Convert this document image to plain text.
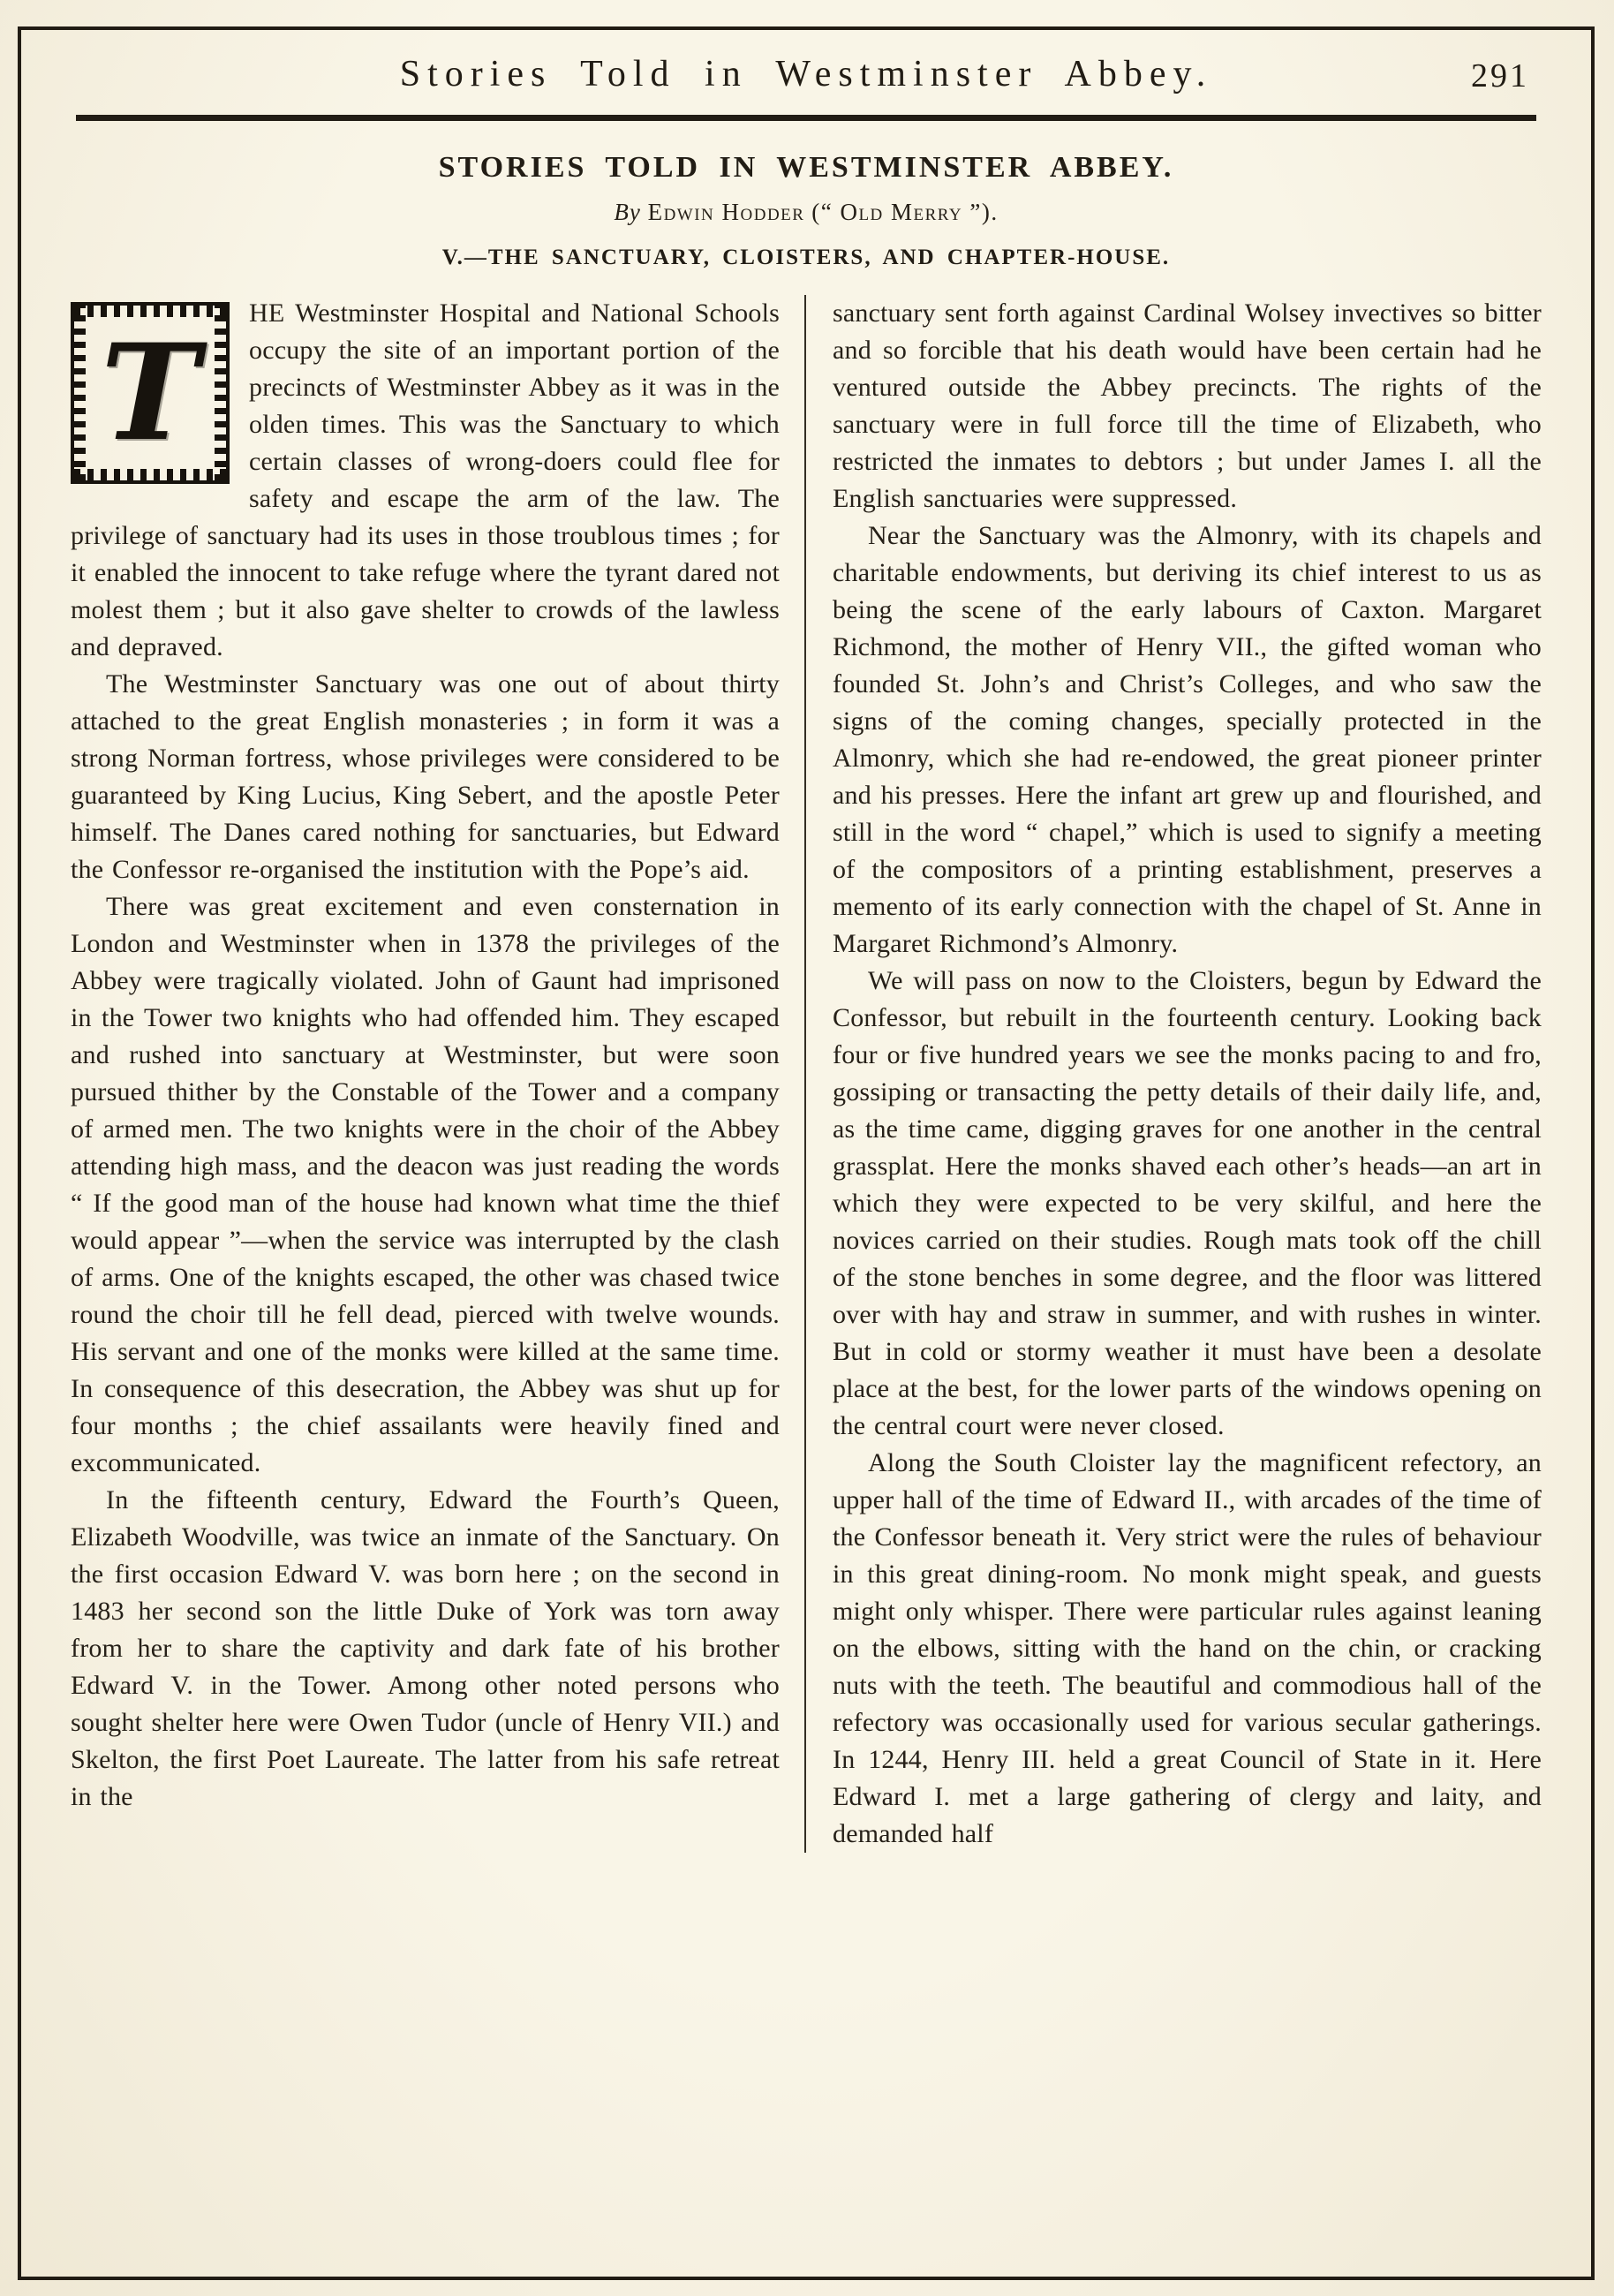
Stories Told in Westminster Abbey.	291
STORIES TOLD IN WESTMINSTER ABBEY.
By Edwin Hodder (“ Old Merry ”).
V.—THE SANCTUARY, CLOISTERS, AND CHAPTER-HOUSE.

T
HE Westminster Hospital and National Schools occupy the site of an important portion of the precincts of Westminster Abbey as it was in the olden times. This was the Sanctuary to which certain classes of wrong-doers could flee for safety and escape the arm of the law. The privilege of sanctuary had its uses in those troublous times ; for it enabled the innocent to take refuge where the tyrant dared not molest them ; but it also gave shelter to crowds of the lawless and depraved.

The Westminster Sanctuary was one out of about thirty attached to the great English monasteries ; in form it was a strong Norman fortress, whose privileges were considered to be guaranteed by King Lucius, King Sebert, and the apostle Peter himself. The Danes cared nothing for sanctuaries, but Edward the Confessor re-organised the institution with the Pope’s aid.

There was great excitement and even consternation in London and Westminster when in 1378 the privileges of the Abbey were tragically violated. John of Gaunt had imprisoned in the Tower two knights who had offended him. They escaped and rushed into sanctuary at Westminster, but were soon pursued thither by the Constable of the Tower and a company of armed men. The two knights were in the choir of the Abbey attending high mass, and the deacon was just reading the words “ If the good man of the house had known what time the thief would appear ”—when the service was interrupted by the clash of arms. One of the knights escaped, the other was chased twice round the choir till he fell dead, pierced with twelve wounds. His servant and one of the monks were killed at the same time. In consequence of this desecration, the Abbey was shut up for four months ; the chief assailants were heavily fined and excommunicated.

In the fifteenth century, Edward the Fourth’s Queen, Elizabeth Woodville, was twice an inmate of the Sanctuary. On the first occasion Edward V. was born here ; on the second in 1483 her second son the little Duke of York was torn away from her to share the captivity and dark fate of his brother Edward V. in the Tower. Among other noted persons who sought shelter here were Owen Tudor (uncle of Henry VII.) and Skelton, the first Poet Laureate. The latter from his safe retreat in the

sanctuary sent forth against Cardinal Wolsey invectives so bitter and so forcible that his death would have been certain had he ventured outside the Abbey precincts. The rights of the sanctuary were in full force till the time of Elizabeth, who restricted the inmates to debtors ; but under James I. all the English sanctuaries were suppressed.

Near the Sanctuary was the Almonry, with its chapels and charitable endowments, but deriving its chief interest to us as being the scene of the early labours of Caxton. Margaret Richmond, the mother of Henry VII., the gifted woman who founded St. John’s and Christ’s Colleges, and who saw the signs of the coming changes, specially protected in the Almonry, which she had re-endowed, the great pioneer printer and his presses. Here the infant art grew up and flourished, and still in the word “ chapel,” which is used to signify a meeting of the compositors of a printing establishment, preserves a memento of its early connection with the chapel of St. Anne in Margaret Richmond’s Almonry.

We will pass on now to the Cloisters, begun by Edward the Confessor, but rebuilt in the fourteenth century. Looking back four or five hundred years we see the monks pacing to and fro, gossiping or transacting the petty details of their daily life, and, as the time came, digging graves for one another in the central grassplat. Here the monks shaved each other’s heads—an art in which they were expected to be very skilful, and here the novices carried on their studies. Rough mats took off the chill of the stone benches in some degree, and the floor was littered over with hay and straw in summer, and with rushes in winter. But in cold or stormy weather it must have been a desolate place at the best, for the lower parts of the windows opening on the central court were never closed.

Along the South Cloister lay the magnificent refectory, an upper hall of the time of Edward II., with arcades of the time of the Confessor beneath it. Very strict were the rules of behaviour in this great dining-room. No monk might speak, and guests might only whisper. There were particular rules against leaning on the elbows, sitting with the hand on the chin, or cracking nuts with the teeth. The beautiful and commodious hall of the refectory was occasionally used for various secular gatherings. In 1244, Henry III. held a great Council of State in it. Here Edward I. met a large gathering of clergy and laity, and demanded half
